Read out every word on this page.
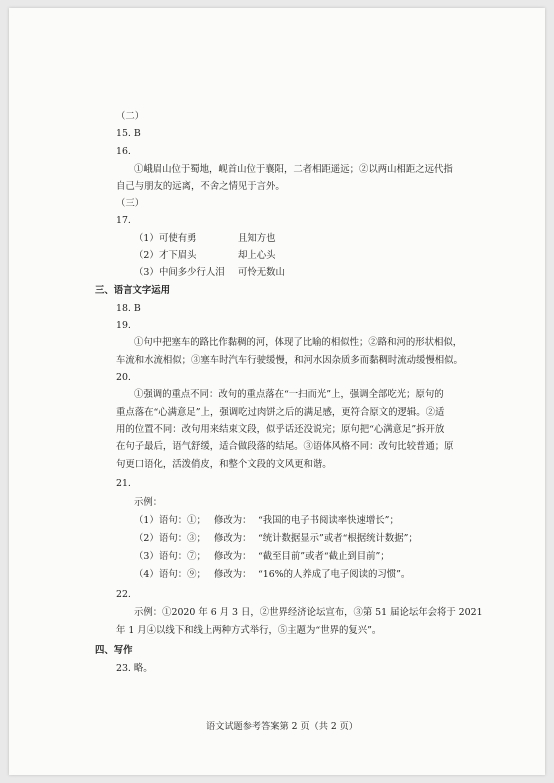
（二）
15. B
16.
①峨眉山位于蜀地，岘首山位于襄阳，二者相距遥远；②以两山相距之远代指
自己与朋友的远离，不舍之情见于言外。
（三）
17.
（1） 可使有勇	且知方也
（2） 才下眉头	却上心头
（3） 中间多少行人泪 可怜无数山
三、语言文字运用
18. B
19.
①句中把塞车的路比作黏稠的河，体现了比喻的相似性；②路和河的形状相似，
车流和水流相似；③塞车时汽车行驶缓慢，和河水因杂质多而黏稠时流动缓慢相似。
20.
①强调的重点不同：改句的重点落在“一扫而光”上，强调全部吃光；原句的
重点落在“心满意足”上，强调吃过肉饼之后的满足感，更符合原文的逻辑。②适
用的位置不同：改句用来结束文段，似乎话还没说完；原句把“心满意足”拆开放
在句子最后，语气舒缓，适合做段落的结尾。③语体风格不同：改句比较普通；原
句更口语化，活泼俏皮，和整个文段的文风更和谐。
21.
示例：
（1） 语句：①； 修改为： “我国的电子书阅读率快速增长”；
（2） 语句：③； 修改为： “统计数据显示”或者“根据统计数据”；
（3） 语句：⑦； 修改为： “截至目前”或者“截止到目前”；
（4） 语句：⑨； 修改为： “16%的人养成了电子阅读的习惯”。
22.
示例：①2020 年 6 月 3 日，②世界经济论坛宣布，③第 51 届论坛年会将于 2021
年 1 月④以线下和线上两种方式举行，⑤主题为“世界的复兴”。
四、写作
23. 略。
语文试题参考答案第 2 页（共 2 页）
